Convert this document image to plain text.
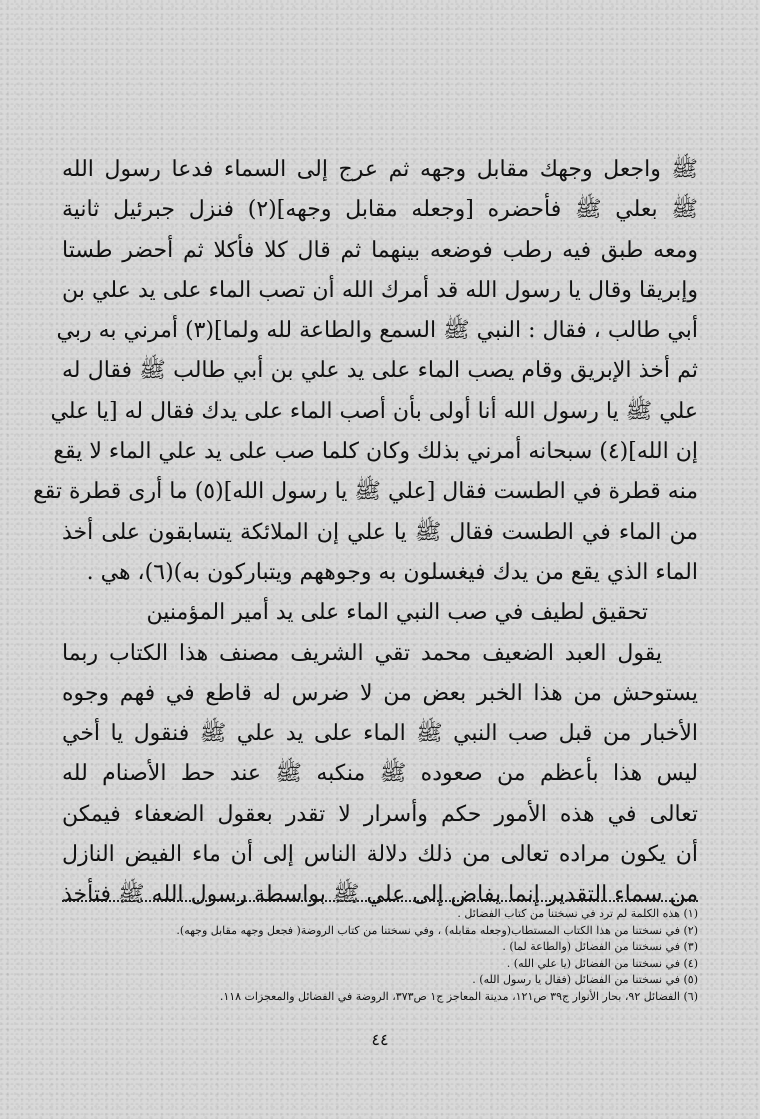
ﷺ واجعل وجهك مقابل وجهه ثم عرج إلى السماء فدعا رسول الله
ﷺ بعلي ﷺ فأحضره [وجعله مقابل وجهه](٢) فنزل جبرئيل ثانية
ومعه طبق فيه رطب فوضعه بينهما ثم قال كلا فأكلا ثم أحضر طستا
وإبريقا وقال يا رسول الله قد أمرك الله أن تصب الماء على يد علي بن
أبي طالب ، فقال : النبي ﷺ السمع والطاعة لله ولما](٣) أمرني به ربي
ثم أخذ الإبريق وقام يصب الماء على يد علي بن أبي طالب ﷺ فقال له
علي ﷺ يا رسول الله أنا أولى بأن أصب الماء على يدك فقال له [يا علي
إن الله](٤) سبحانه أمرني بذلك وكان كلما صب على يد علي الماء لا يقع
منه قطرة في الطست فقال [علي ﷺ يا رسول الله](٥) ما أرى قطرة تقع
من الماء في الطست فقال ﷺ يا علي إن الملائكة يتسابقون على أخذ
الماء الذي يقع من يدك فيغسلون به وجوههم ويتباركون به)(٦)، هي .
تحقيق لطيف في صب النبي الماء على يد أمير المؤمنين
يقول العبد الضعيف محمد تقي الشريف مصنف هذا الكتاب ربما
يستوحش من هذا الخبر بعض من لا ضرس له قاطع في فهم وجوه
الأخبار من قبل صب النبي ﷺ الماء على يد علي ﷺ فنقول يا أخي
ليس هذا بأعظم من صعوده ﷺ منكبه ﷺ عند حط الأصنام لله
تعالى في هذه الأمور حكم وأسرار لا تقدر بعقول الضعفاء فيمكن
أن يكون مراده تعالى من ذلك دلالة الناس إلى أن ماء الفيض النازل
من سماء التقدير إنما يفاض إلى علي ﷺ بواسطة رسول الله ﷺ فتأخذ
(١) هذه الكلمة لم ترد في نسختنا من كتاب الفضائل .
(٢) في نسختنا من هذا الكتاب المستطاب(وجعله مقابله) ، وفي نسختنا من كتاب الروضة( فجعل وجهه مقابل وجهه).
(٣) في نسختنا من الفضائل (والطاعة لما) .
(٤) في نسختنا من الفضائل (يا علي الله) .
(٥) في نسختنا من الفضائل (فقال يا رسول الله) .
(٦) الفضائل ٩٢، بحار الأنوار ج٣٩ ص١٢١، مدينة المعاجز ج١ ص٣٧٣، الروضة في الفضائل والمعجزات ١١٨.
٤٤
